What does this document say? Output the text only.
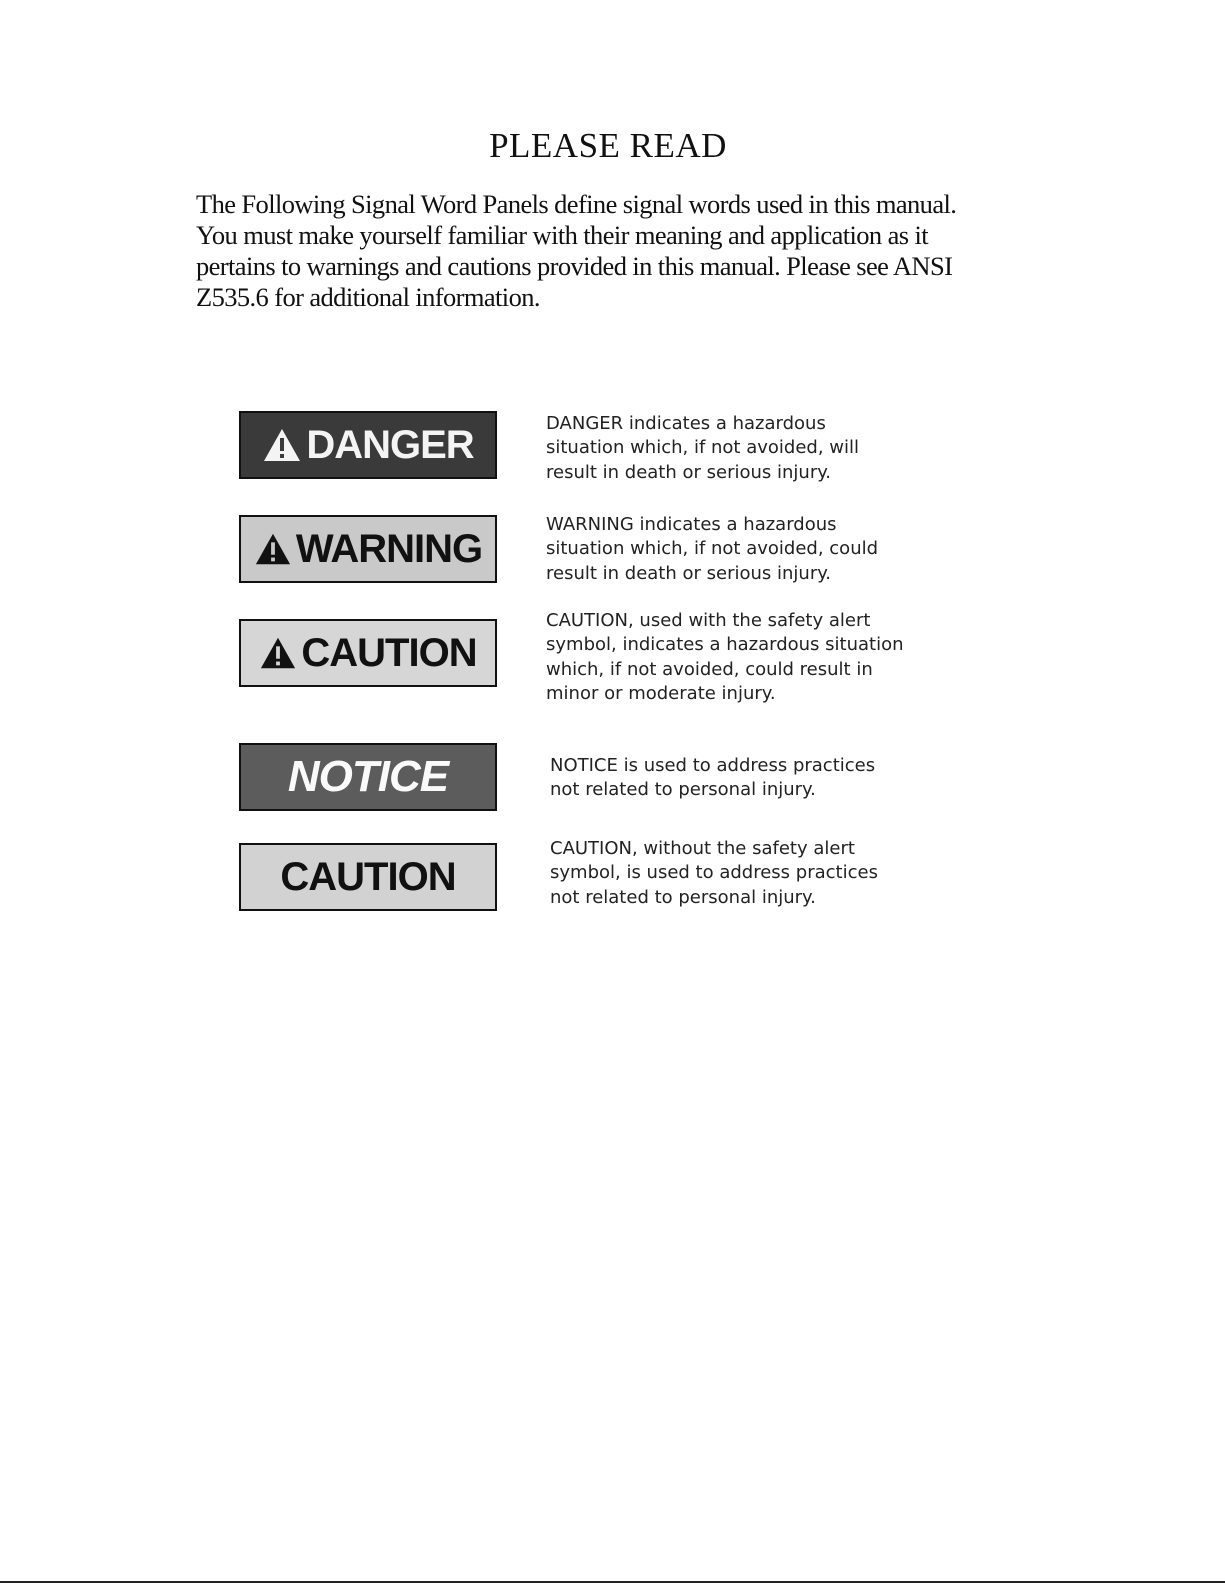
PLEASE READ

The Following Signal Word Panels define signal words used in this manual.
You must make yourself familiar with their meaning and application as it
pertains to warnings and cautions provided in this manual. Please see ANSI
Z535.6 for additional information.

DANGER	DANGER indicates a hazardous
situation which, if not avoided, will
result in death or serious injury.
WARNING
WARNING indicates a hazardous
situation which, if not avoided, could
result in death or serious injury.
CAUTION
CAUTION, used with the safety alert
symbol, indicates a hazardous situation
which, if not avoided, could result in
minor or moderate injury.
NOTICE	NOTICE is used to address practices
not related to personal injury.
CAUTION
CAUTION, without the safety alert
symbol, is used to address practices
not related to personal injury.
